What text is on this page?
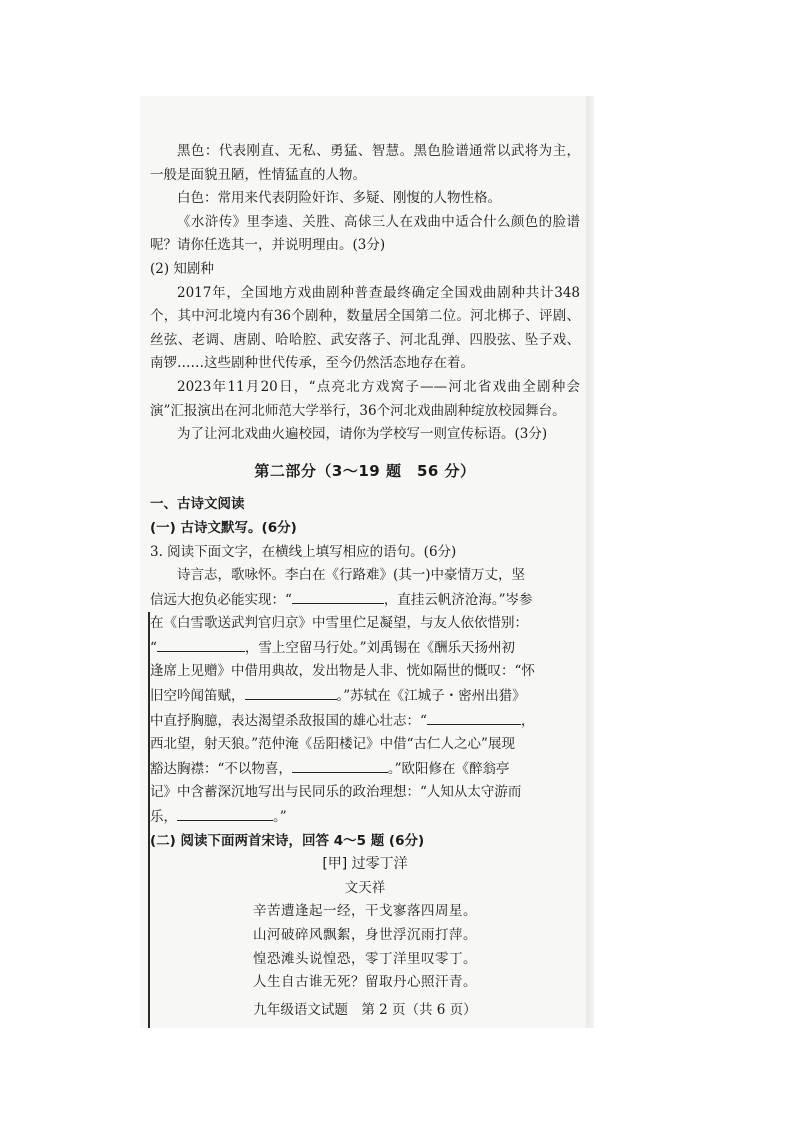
黑色：代表刚直、无私、勇猛、智慧。黑色脸谱通常以武将为主，一般是面貌丑陋，性情猛直的人物。

白色：常用来代表阴险奸诈、多疑、刚愎的人物性格。

《水浒传》里李逵、关胜、高俅三人在戏曲中适合什么颜色的脸谱呢？请你任选其一，并说明理由。(3分)

(2) 知剧种

2017年，全国地方戏曲剧种普查最终确定全国戏曲剧种共计348个，其中河北境内有36个剧种，数量居全国第二位。河北梆子、评剧、丝弦、老调、唐剧、哈哈腔、武安落子、河北乱弹、四股弦、坠子戏、南锣……这些剧种世代传承，至今仍然活态地存在着。

2023年11月20日，“点亮北方戏窝子——河北省戏曲全剧种会演”汇报演出在河北师范大学举行，36个河北戏曲剧种绽放校园舞台。

为了让河北戏曲火遍校园，请你为学校写一则宣传标语。(3分)

第二部分（3～19 题　56 分）

一、古诗文阅读

(一) 古诗文默写。(6分)

3. 阅读下面文字，在横线上填写相应的语句。(6分)

诗言志，歌咏怀。李白在《行路难》(其一)中豪情万丈，坚

信远大抱负必能实现：“	，直挂云帆济沧海。”岑参

在《白雪歌送武判官归京》中雪里伫足凝望，与友人依依惜别：

“	，雪上空留马行处。”刘禹锡在《酬乐天扬州初

逢席上见赠》中借用典故，发出物是人非、恍如隔世的慨叹：“怀

旧空吟闻笛赋，	。”苏轼在《江城子・密州出猎》

中直抒胸臆，表达渴望杀敌报国的雄心壮志：“	，

西北望，射天狼。”范仲淹《岳阳楼记》中借“古仁人之心”展现

豁达胸襟：“不以物喜，	。”欧阳修在《醉翁亭

记》中含蓄深沉地写出与民同乐的政治理想：“人知从太守游而

乐，	。”

(二) 阅读下面两首宋诗，回答 4～5 题 (6分)

[甲] 过零丁洋

文天祥

辛苦遭逢起一经，干戈寥落四周星。

山河破碎风飘絮，身世浮沉雨打萍。

惶恐滩头说惶恐，零丁洋里叹零丁。

人生自古谁无死？留取丹心照汗青。

九年级语文试题　第 2 页（共 6 页）
